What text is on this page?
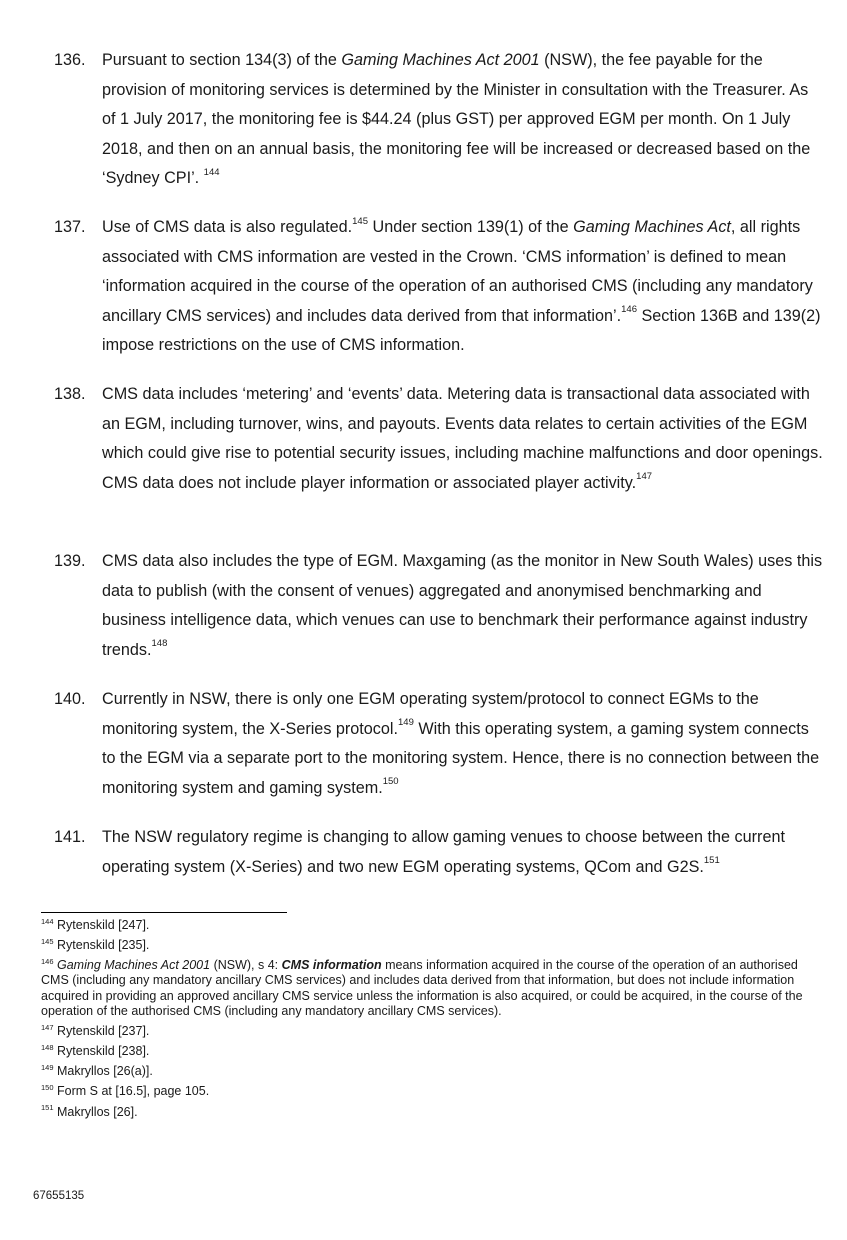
136.	Pursuant to section 134(3) of the Gaming Machines Act 2001 (NSW), the fee payable for the provision of monitoring services is determined by the Minister in consultation with the Treasurer. As of 1 July 2017, the monitoring fee is $44.24 (plus GST) per approved EGM per month. On 1 July 2018, and then on an annual basis, the monitoring fee will be increased or decreased based on the ‘Sydney CPI’. $^{144}$
137.	Use of CMS data is also regulated.$^{145}$ Under section 139(1) of the Gaming Machines Act, all rights associated with CMS information are vested in the Crown. ‘CMS information’ is defined to mean ‘information acquired in the course of the operation of an authorised CMS (including any mandatory ancillary CMS services) and includes data derived from that information’.$^{146}$ Section 136B and 139(2) impose restrictions on the use of CMS information.
138.	CMS data includes ‘metering’ and ‘events’ data. Metering data is transactional data associated with an EGM, including turnover, wins, and payouts. Events data relates to certain activities of the EGM which could give rise to potential security issues, including machine malfunctions and door openings. CMS data does not include player information or associated player activity.$^{147}$
139.	CMS data also includes the type of EGM. Maxgaming (as the monitor in New South Wales) uses this data to publish (with the consent of venues) aggregated and anonymised benchmarking and business intelligence data, which venues can use to benchmark their performance against industry trends.$^{148}$
140.	Currently in NSW, there is only one EGM operating system/protocol to connect EGMs to the monitoring system, the X-Series protocol.$^{149}$ With this operating system, a gaming system connects to the EGM via a separate port to the monitoring system. Hence, there is no connection between the monitoring system and gaming system.$^{150}$
141.	The NSW regulatory regime is changing to allow gaming venues to choose between the current operating system (X-Series) and two new EGM operating systems, QCom and G2S.$^{151}$
$^{144}$ Rytenskild [247].
$^{145}$ Rytenskild [235].
$^{146}$ Gaming Machines Act 2001 (NSW), s 4: CMS information means information acquired in the course of the operation of an authorised CMS (including any mandatory ancillary CMS services) and includes data derived from that information, but does not include information acquired in providing an approved ancillary CMS service unless the information is also acquired, or could be acquired, in the course of the operation of the authorised CMS (including any mandatory ancillary CMS services).
$^{147}$ Rytenskild [237].
$^{148}$ Rytenskild [238].
$^{149}$ Makryllos [26(a)].
$^{150}$ Form S at [16.5], page 105.
$^{151}$ Makryllos [26].
67655135
